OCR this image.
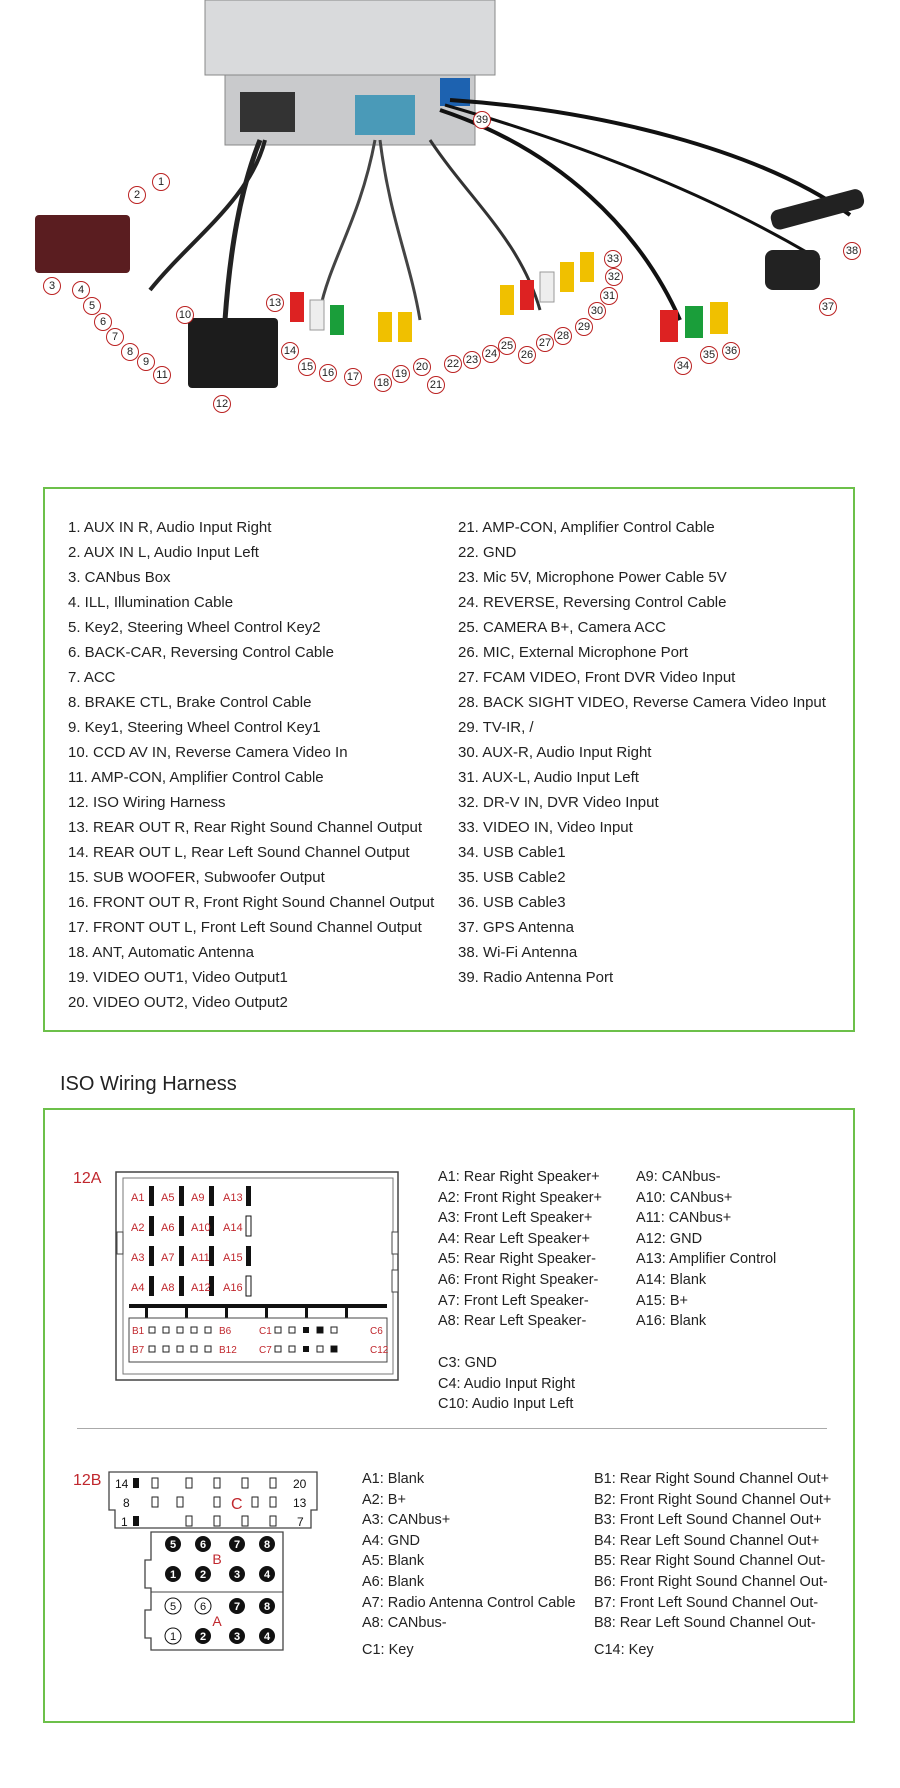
1
2
3	4
5
6
7
8
9
10
11
12
13
14
15 16 17 18
19
20
21
22 23 24
25
26
27
28
29
30
31
32
33
34
35 36
37
38
39
1. AUX IN R, Audio Input Right
2. AUX IN L, Audio Input Left
3. CANbus Box
4. ILL, Illumination Cable
5. Key2, Steering Wheel Control Key2
6. BACK-CAR, Reversing Control Cable
7. ACC
8. BRAKE CTL, Brake Control Cable
9. Key1, Steering Wheel Control Key1
10. CCD AV IN, Reverse Camera Video In
11. AMP-CON, Amplifier Control Cable
12. ISO Wiring Harness
13. REAR OUT R, Rear Right Sound Channel Output
14. REAR OUT L, Rear Left Sound Channel Output
15. SUB WOOFER, Subwoofer Output
16. FRONT OUT R, Front Right Sound Channel Output
17. FRONT OUT L, Front Left Sound Channel Output
18. ANT, Automatic Antenna
19. VIDEO OUT1, Video Output1
20. VIDEO OUT2, Video Output2
21. AMP-CON, Amplifier Control Cable
22. GND
23. Mic 5V, Microphone Power Cable 5V
24. REVERSE, Reversing Control Cable
25. CAMERA B+, Camera ACC
26. MIC, External Microphone Port
27. FCAM VIDEO, Front DVR Video Input
28. BACK SIGHT VIDEO, Reverse Camera Video Input
29. TV-IR, /
30. AUX-R, Audio Input Right
31. AUX-L, Audio Input Left
32. DR-V IN, DVR Video Input
33. VIDEO IN, Video Input
34. USB Cable1
35. USB Cable2
36. USB Cable3
37. GPS Antenna
38. Wi-Fi Antenna
39. Radio Antenna Port
ISO Wiring Harness
12A
A1 A5 A9 A13
A2 A6 A10 A14
A3 A7 A11 A15
A4 A8 A12 A16
B1	B6	C1	C6
B7	B12 C7	C12
A1: Rear Right Speaker+
A2: Front Right Speaker+
A3: Front Left Speaker+
A4: Rear Left Speaker+
A5: Rear Right Speaker-
A6: Front Right Speaker-
A7: Front Left Speaker-
A8: Rear Left Speaker-
A9: CANbus-
A10: CANbus+
A11: CANbus+
A12: GND
A13: Amplifier Control
A14: Blank
A15: B+
A16: Blank
C3: GND
C4: Audio Input Right
C10: Audio Input Left
12B 14	20
8	13
1	7
C
5 6	7 8
1 2	3 4
7 8
2	3 4
5 6
1
B
A
A1: Blank
A2: B+
A3: CANbus+
A4: GND
A5: Blank
A6: Blank
A7: Radio Antenna Control Cable
A8: CANbus-
C1: Key
B1: Rear Right Sound Channel Out+
B2: Front Right Sound Channel Out+
B3: Front Left Sound Channel Out+
B4: Rear Left Sound Channel Out+
B5: Rear Right Sound Channel Out-
B6: Front Right Sound Channel Out-
B7: Front Left Sound Channel Out-
B8: Rear Left Sound Channel Out-
C14: Key
